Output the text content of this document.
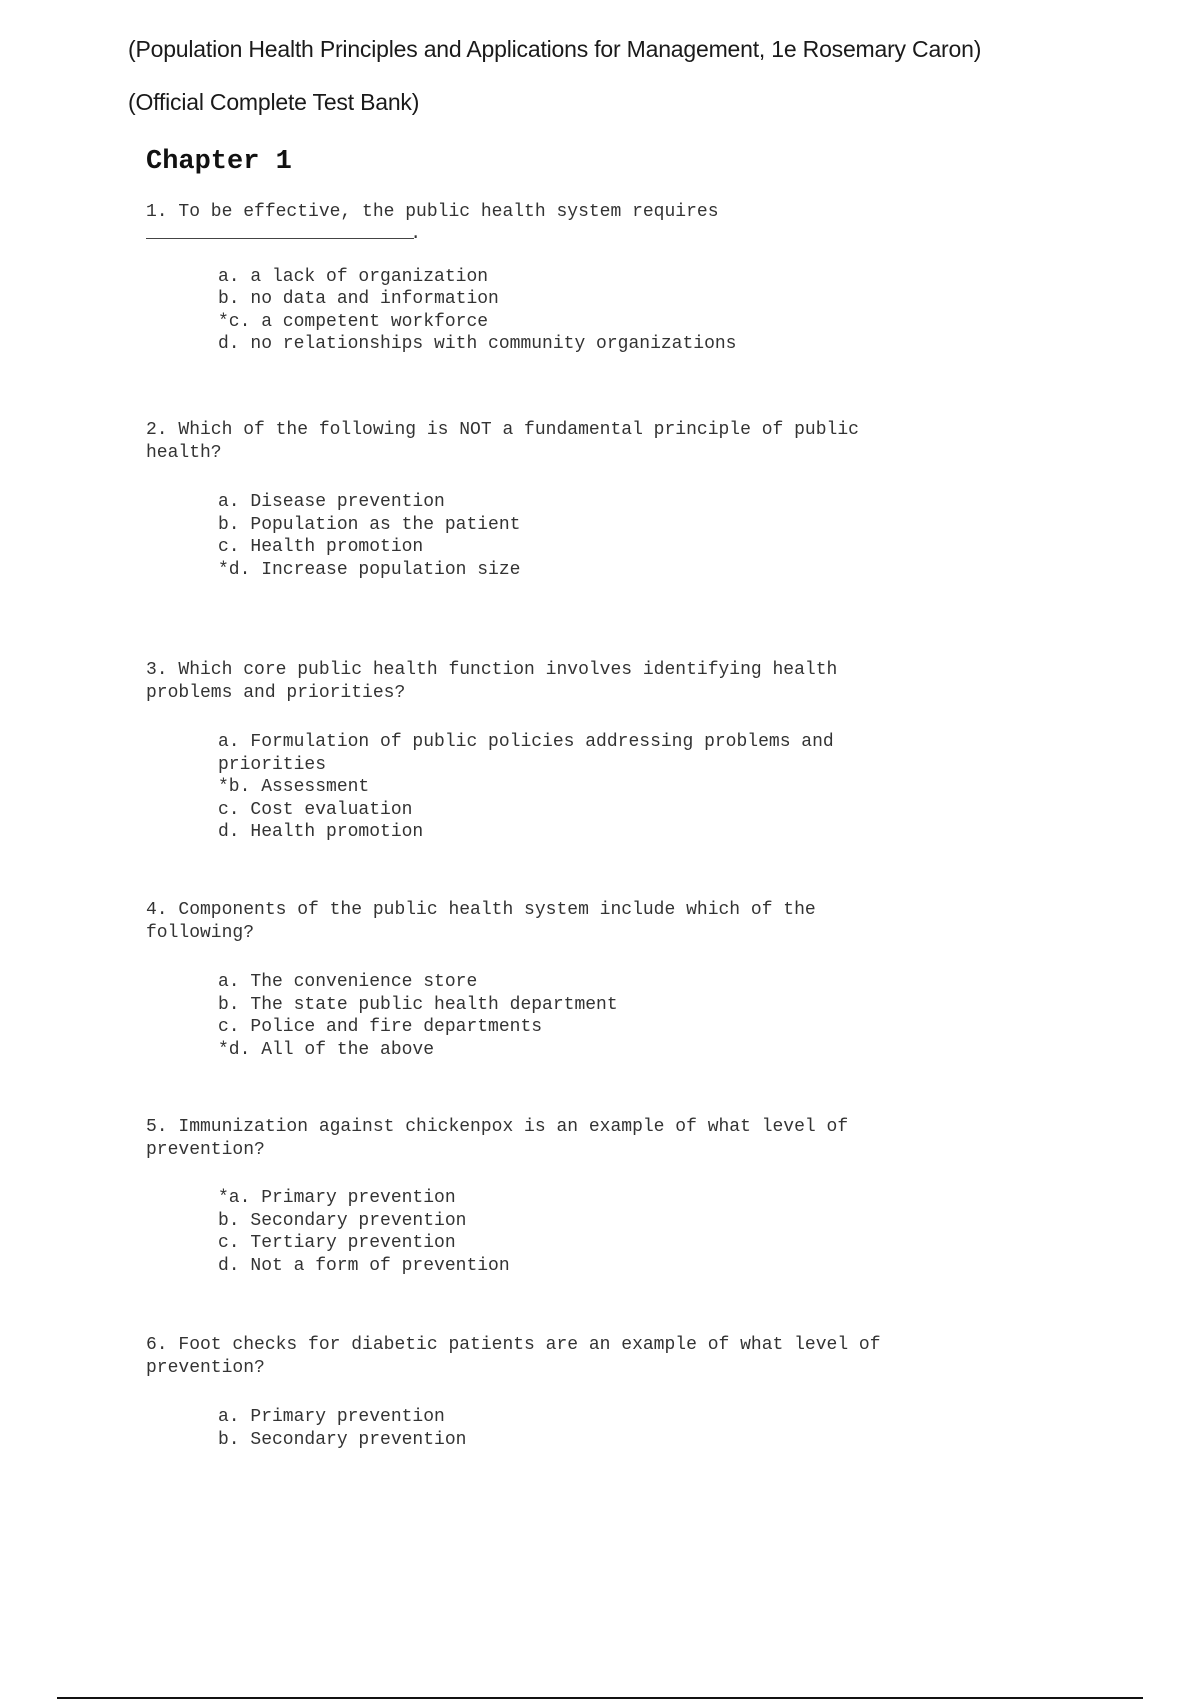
(Population Health Principles and Applications for Management, 1e Rosemary Caron)
(Official Complete Test Bank)
Chapter 1

1. To be effective, the public health system requires

.
a. a lack of organization
b. no data and information
*c. a competent workforce
d. no relationships with community organizations

2. Which of the following is NOT a fundamental principle of public
health?

a. Disease prevention
b. Population as the patient
c. Health promotion
*d. Increase population size

3. Which core public health function involves identifying health
problems and priorities?

a. Formulation of public policies addressing problems and
priorities
*b. Assessment
c. Cost evaluation
d. Health promotion

4. Components of the public health system include which of the
following?

a. The convenience store
b. The state public health department
c. Police and fire departments
*d. All of the above

5. Immunization against chickenpox is an example of what level of
prevention?

*a. Primary prevention
b. Secondary prevention
c. Tertiary prevention
d. Not a form of prevention

6. Foot checks for diabetic patients are an example of what level of
prevention?

a. Primary prevention
b. Secondary prevention
